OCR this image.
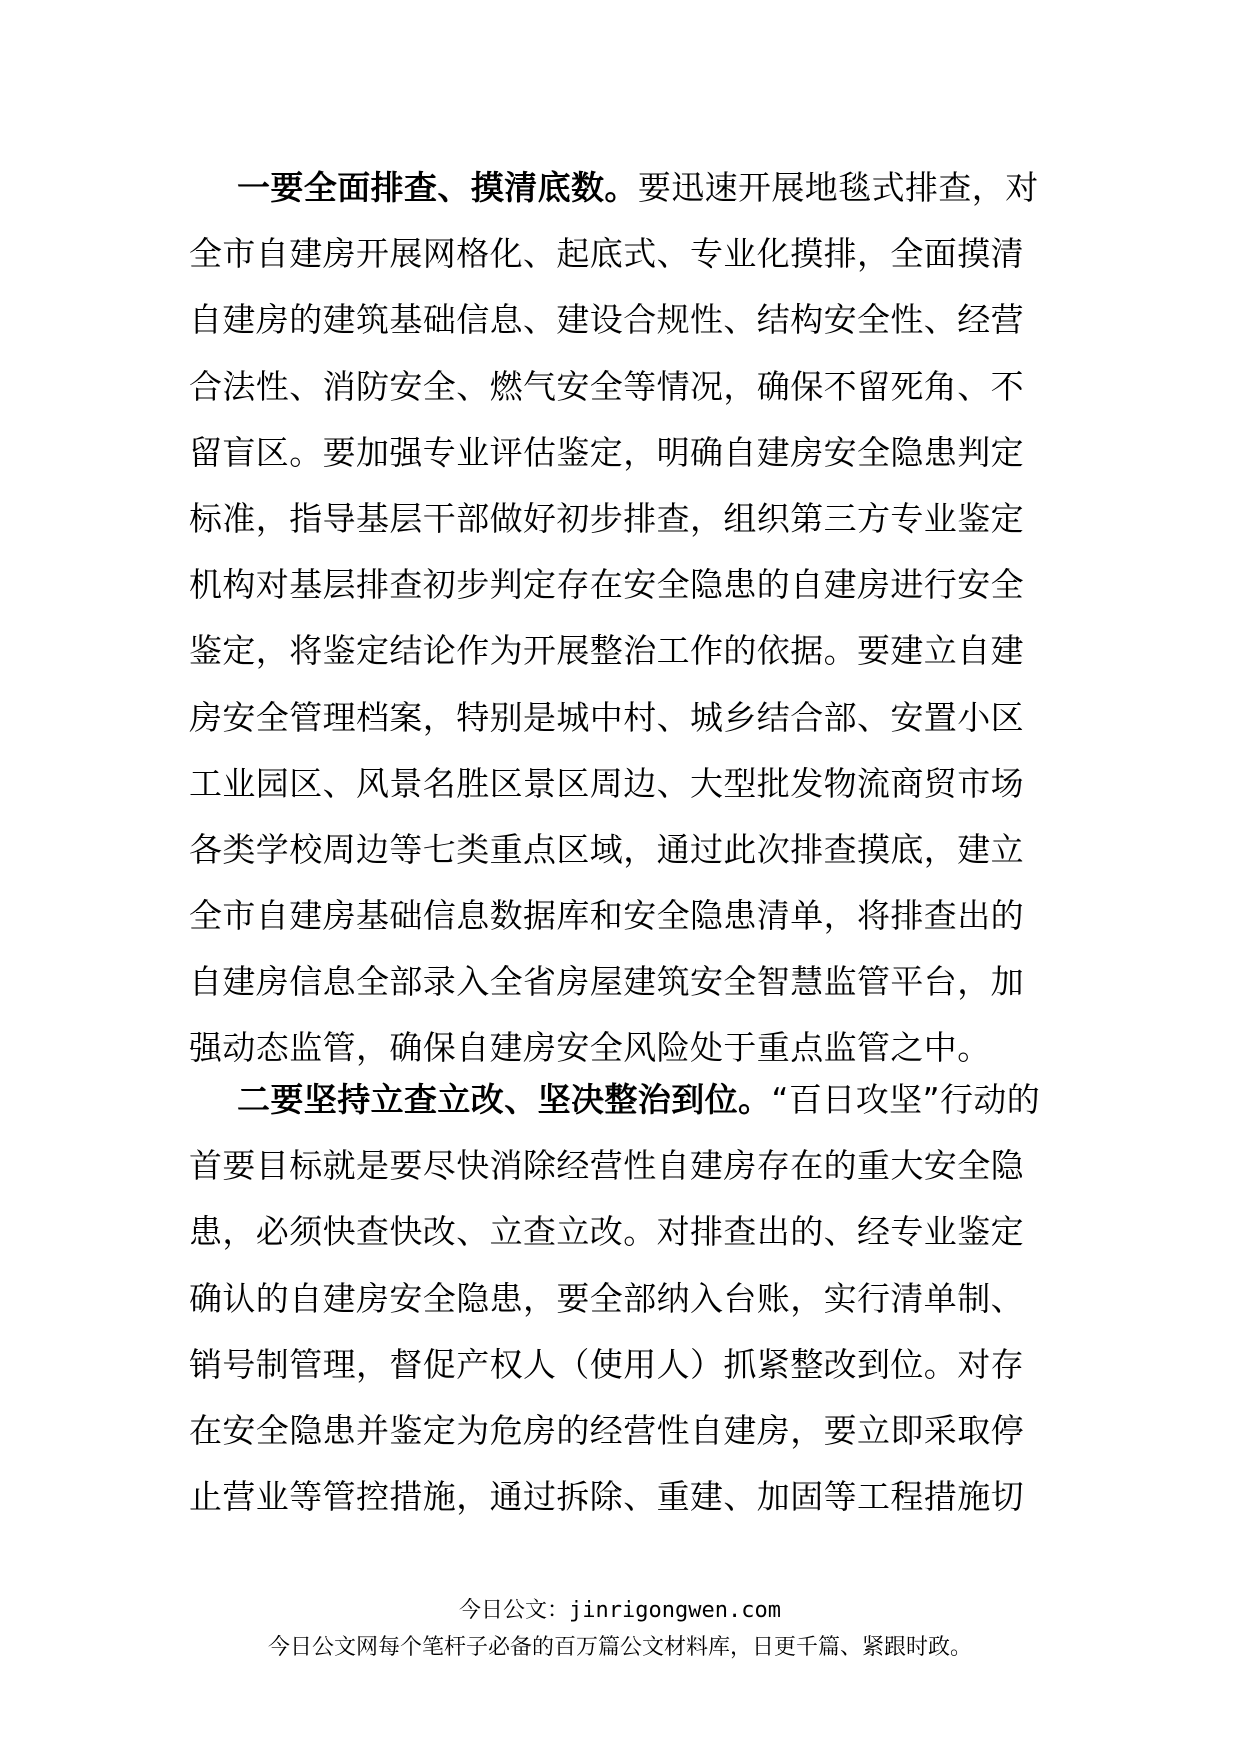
一要全面排查、摸清底数。要迅速开展地毯式排查，对
全市自建房开展网格化、起底式、专业化摸排，全面摸清
自建房的建筑基础信息、建设合规性、结构安全性、经营
合法性、消防安全、燃气安全等情况，确保不留死角、不
留盲区。要加强专业评估鉴定，明确自建房安全隐患判定
标准，指导基层干部做好初步排查，组织第三方专业鉴定
机构对基层排查初步判定存在安全隐患的自建房进行安全
鉴定，将鉴定结论作为开展整治工作的依据。要建立自建
房安全管理档案，特别是城中村、城乡结合部、安置小区
工业园区、风景名胜区景区周边、大型批发物流商贸市场
各类学校周边等七类重点区域，通过此次排查摸底，建立
全市自建房基础信息数据库和安全隐患清单，将排查出的
自建房信息全部录入全省房屋建筑安全智慧监管平台，加
强动态监管，确保自建房安全风险处于重点监管之中。
二要坚持立查立改、坚决整治到位。“百日攻坚”行动的
首要目标就是要尽快消除经营性自建房存在的重大安全隐
患，必须快查快改、立查立改。对排查出的、经专业鉴定
确认的自建房安全隐患，要全部纳入台账，实行清单制、
销号制管理，督促产权人（使用人）抓紧整改到位。对存
在安全隐患并鉴定为危房的经营性自建房，要立即采取停
止营业等管控措施，通过拆除、重建、加固等工程措施切
今日公文：jinrigongwen.com
今日公文网每个笔杆子必备的百万篇公文材料库，日更千篇、紧跟时政。
